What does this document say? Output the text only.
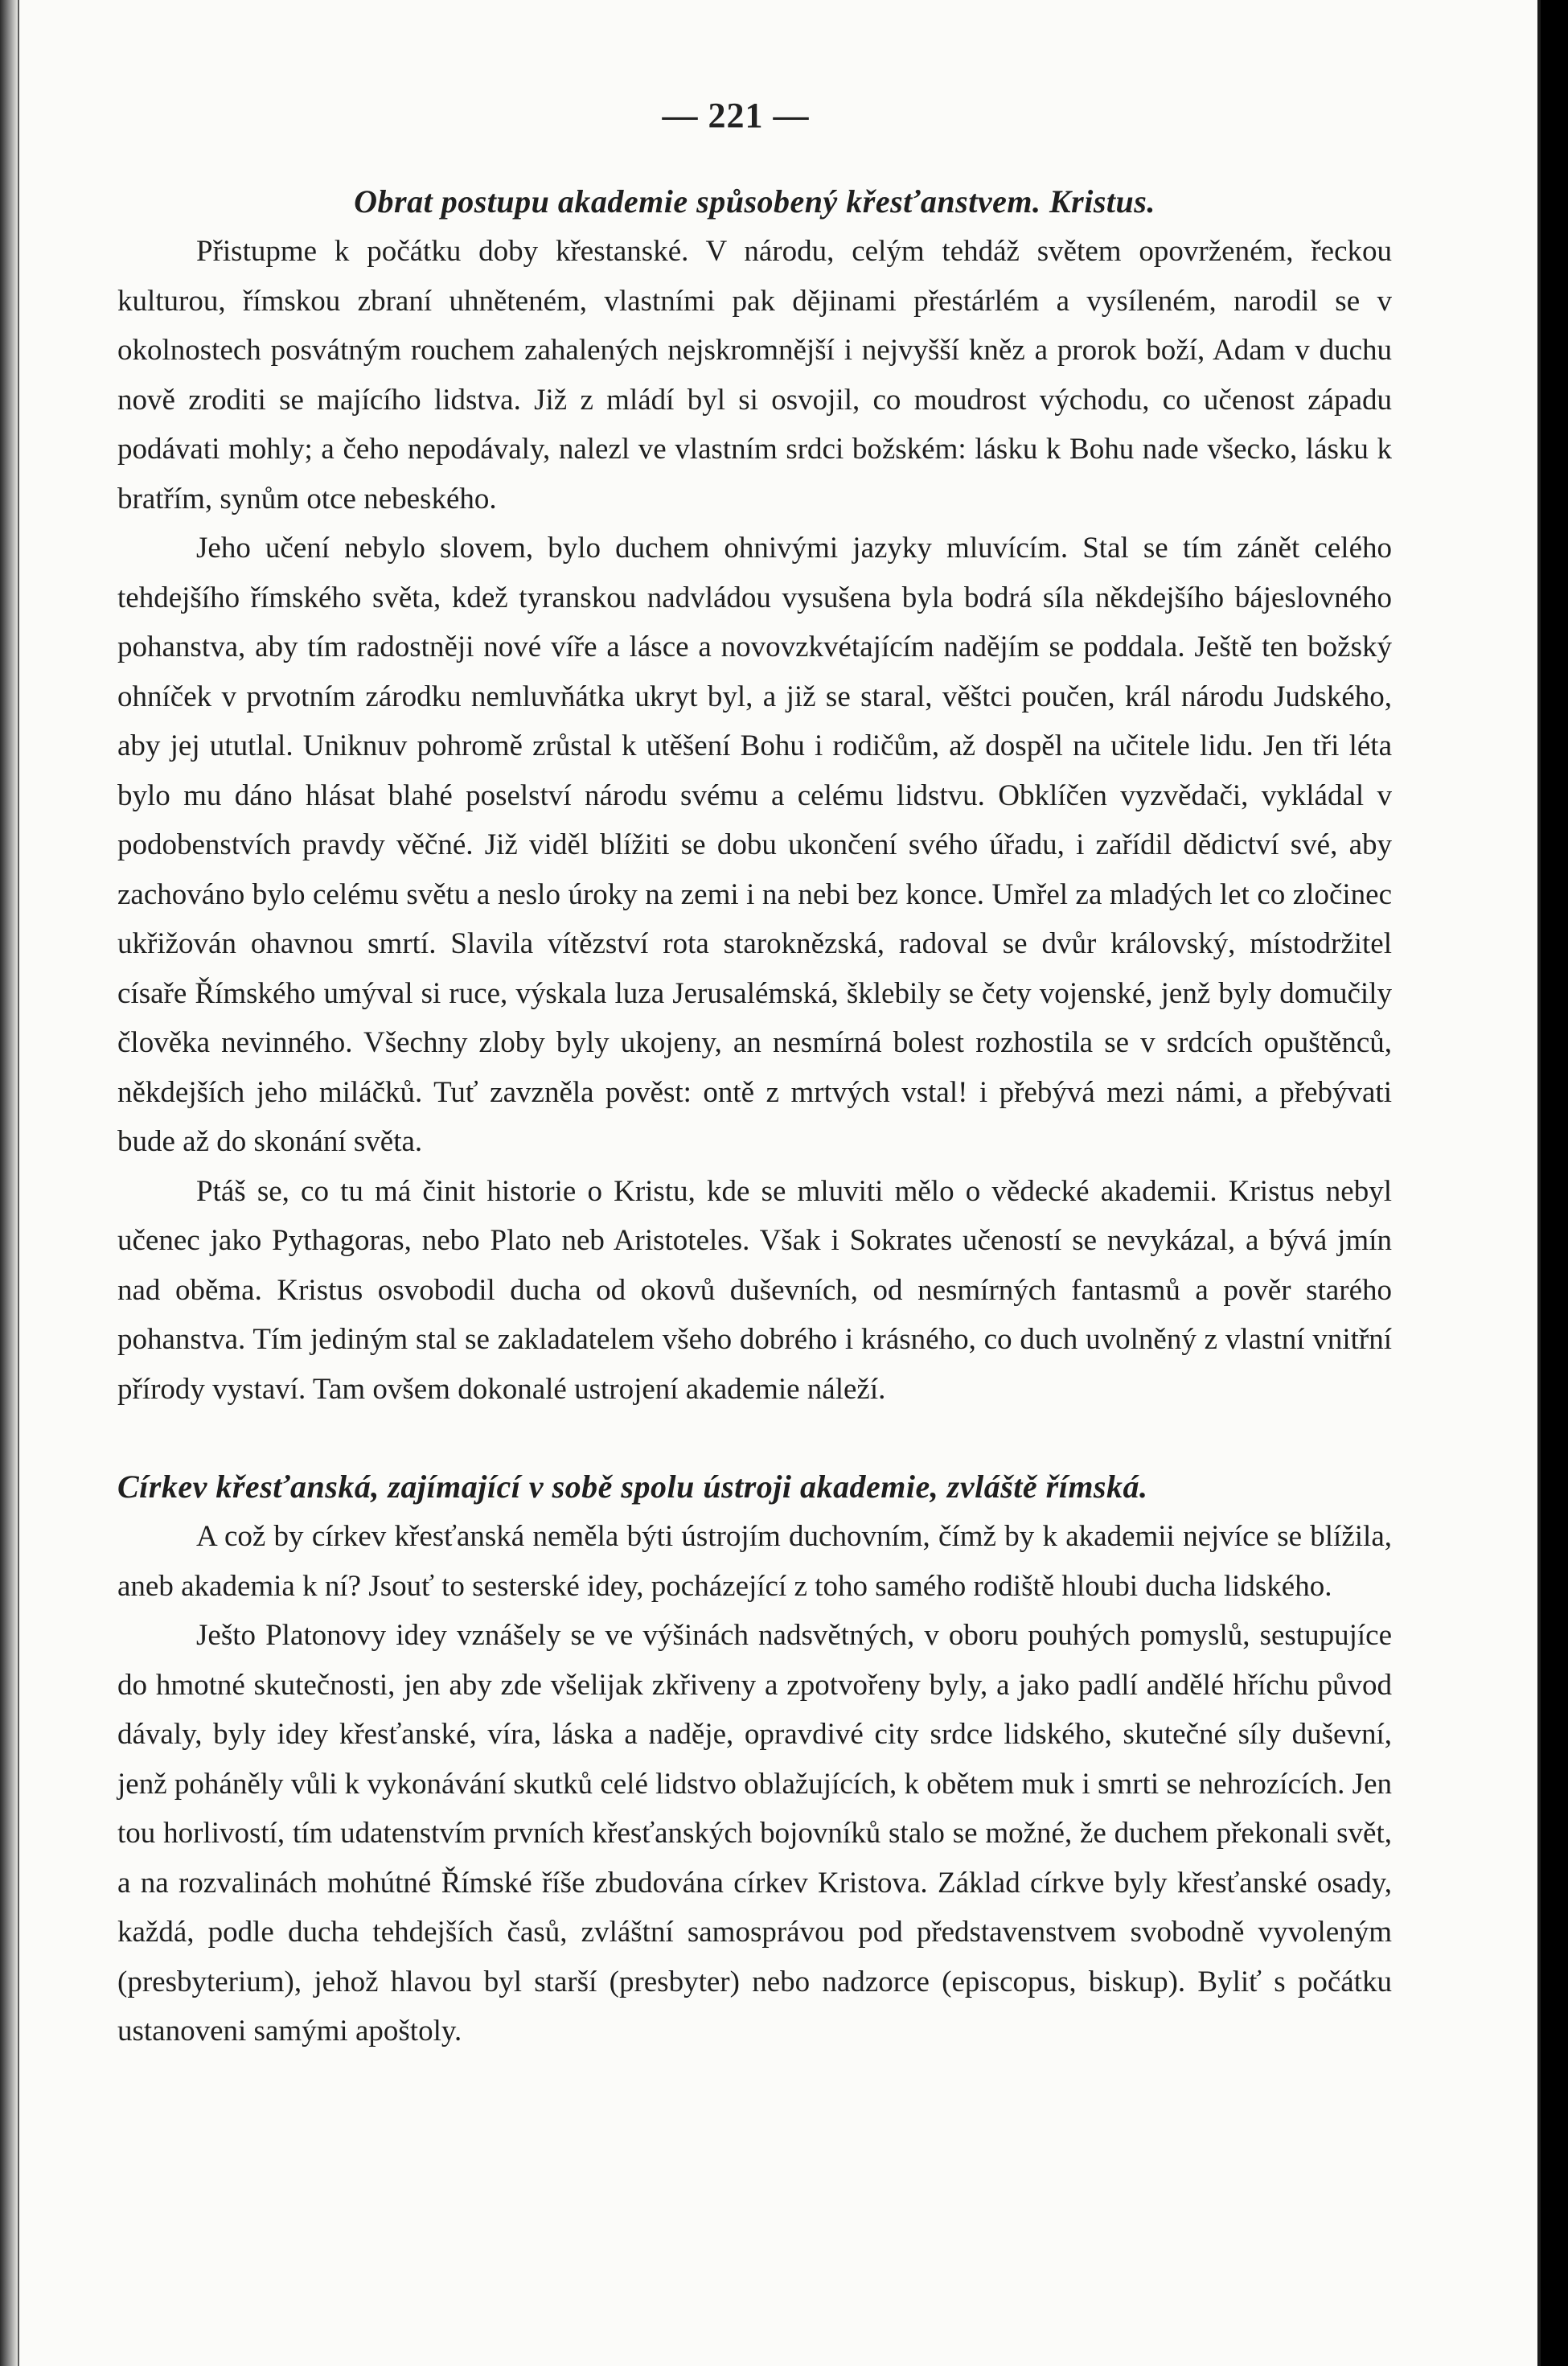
— 221 —
Obrat postupu akademie spůsobený křesťanstvem. Kristus.

Přistupme k počátku doby křestanské. V národu, celým tehdáž světem opovrženém, řeckou kulturou, římskou zbraní uhněteném, vlastními pak dějinami přestárlém a vysíleném, narodil se v okolnostech posvátným rouchem zahalených nejskromnější i nejvyšší kněz a prorok boží, Adam v duchu nově zroditi se majícího lidstva. Již z mládí byl si osvojil, co moudrost východu, co učenost západu podávati mohly; a čeho nepodávaly, nalezl ve vlastním srdci božském: lásku k Bohu nade všecko, lásku k bratřím, synům otce nebeského.

Jeho učení nebylo slovem, bylo duchem ohnivými jazyky mluvícím. Stal se tím zánět celého tehdejšího římského světa, kdež tyranskou nadvládou vysušena byla bodrá síla někdejšího bájeslovného pohanstva, aby tím radostněji nové víře a lásce a novovzkvétajícím nadějím se poddala. Ještě ten božský ohníček v prvotním zárodku nemluvňátka ukryt byl, a již se staral, věštci poučen, král národu Judského, aby jej ututlal. Uniknuv pohromě zrůstal k utěšení Bohu i rodičům, až dospěl na učitele lidu. Jen tři léta bylo mu dáno hlásat blahé poselství národu svému a celému lidstvu. Obklíčen vyzvědači, vykládal v podobenstvích pravdy věčné. Již viděl blížiti se dobu ukončení svého úřadu, i zařídil dědictví své, aby zachováno bylo celému světu a neslo úroky na zemi i na nebi bez konce. Umřel za mladých let co zločinec ukřižován ohavnou smrtí. Slavila vítězství rota staroknězská, radoval se dvůr královský, místodržitel císaře Římského umýval si ruce, výskala luza Jerusalémská, šklebily se čety vojenské, jenž byly domučily člověka nevinného. Všechny zloby byly ukojeny, an nesmírná bolest rozhostila se v srdcích opuštěnců, někdejších jeho miláčků. Tuť zavzněla pověst: ontě z mrtvých vstal! i přebývá mezi námi, a přebývati bude až do skonání světa.

Ptáš se, co tu má činit historie o Kristu, kde se mluviti mělo o vědecké akademii. Kristus nebyl učenec jako Pythagoras, nebo Plato neb Aristoteles. Však i Sokrates učeností se nevykázal, a bývá jmín nad oběma. Kristus osvobodil ducha od okovů duševních, od nesmírných fantasmů a pověr starého pohanstva. Tím jediným stal se zakladatelem všeho dobrého i krásného, co duch uvolněný z vlastní vnitřní přírody vystaví. Tam ovšem dokonalé ustrojení akademie náleží.

Církev křesťanská, zajímající v sobě spolu ústroji akademie, zvláště římská.

A což by církev křesťanská neměla býti ústrojím duchovním, čímž by k akademii nejvíce se blížila, aneb akademia k ní? Jsouť to sesterské idey, pocházející z toho samého rodiště hloubi ducha lidského.

Ješto Platonovy idey vznášely se ve výšinách nadsvětných, v oboru pouhých pomyslů, sestupujíce do hmotné skutečnosti, jen aby zde všelijak zkřiveny a zpotvořeny byly, a jako padlí andělé hříchu původ dávaly, byly idey křesťanské, víra, láska a naděje, opravdivé city srdce lidského, skutečné síly duševní, jenž poháněly vůli k vykonávání skutků celé lidstvo oblažujících, k obětem muk i smrti se nehrozících. Jen tou horlivostí, tím udatenstvím prvních křesťanských bojovníků stalo se možné, že duchem překonali svět, a na rozvalinách mohútné Římské říše zbudována církev Kristova. Základ církve byly křesťanské osady, každá, podle ducha tehdejších časů, zvláštní samosprávou pod představenstvem svobodně vyvoleným (presbyterium), jehož hlavou byl starší (presbyter) nebo nadzorce (episcopus, biskup). Byliť s počátku ustanoveni samými apoštoly.
